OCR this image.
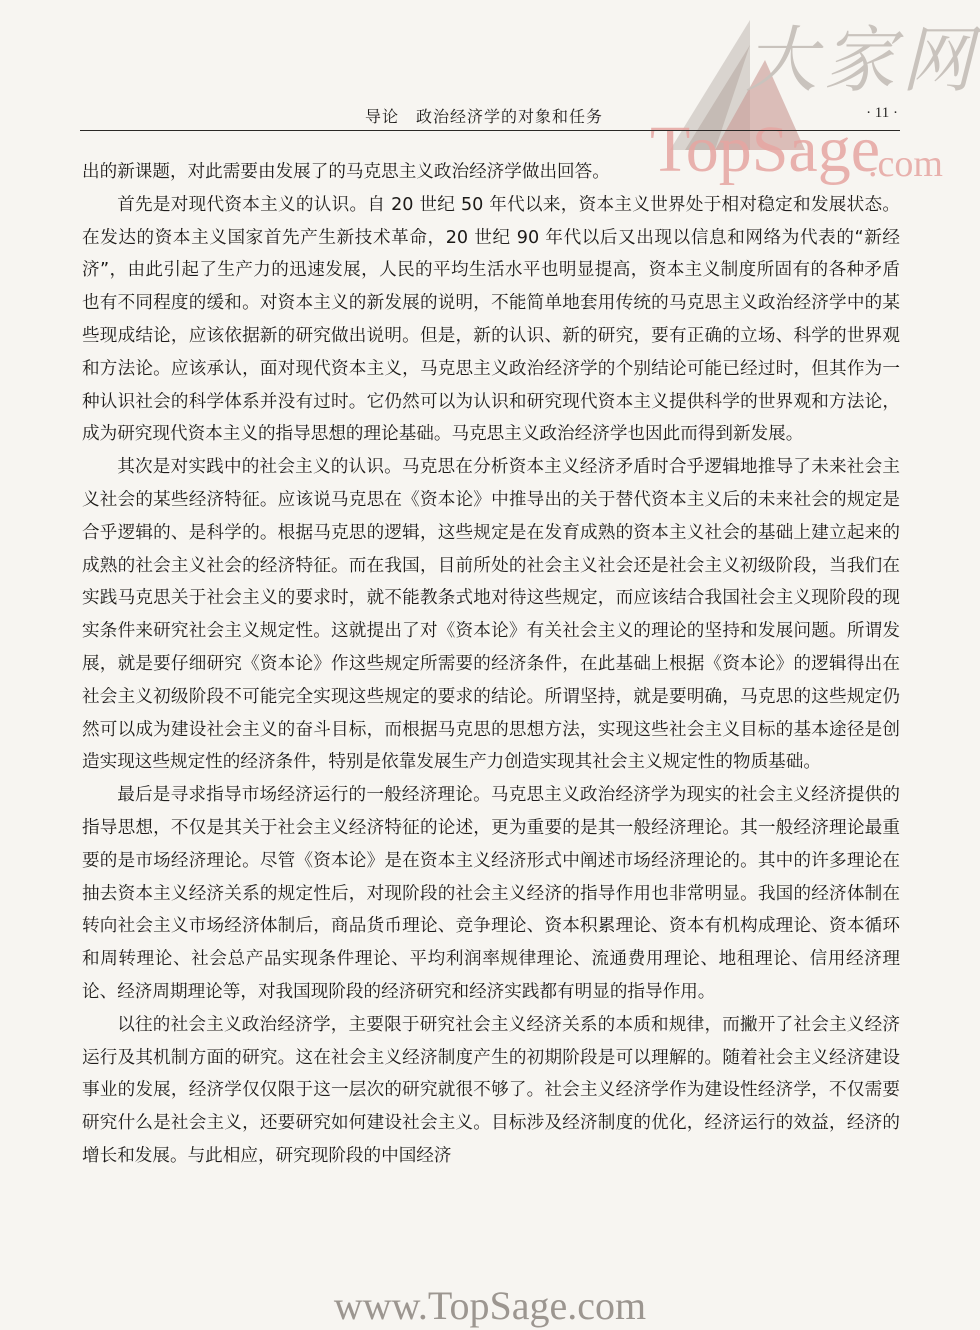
大家网
TopSage
.com
导论　政治经济学的对象和任务	· 11 ·

出的新课题，对此需要由发展了的马克思主义政治经济学做出回答。

首先是对现代资本主义的认识。自 20 世纪 50 年代以来，资本主义世界处于相对稳定和发展状态。在发达的资本主义国家首先产生新技术革命，20 世纪 90 年代以后又出现以信息和网络为代表的“新经济”，由此引起了生产力的迅速发展，人民的平均生活水平也明显提高，资本主义制度所固有的各种矛盾也有不同程度的缓和。对资本主义的新发展的说明，不能简单地套用传统的马克思主义政治经济学中的某些现成结论，应该依据新的研究做出说明。但是，新的认识、新的研究，要有正确的立场、科学的世界观和方法论。应该承认，面对现代资本主义，马克思主义政治经济学的个别结论可能已经过时，但其作为一种认识社会的科学体系并没有过时。它仍然可以为认识和研究现代资本主义提供科学的世界观和方法论，成为研究现代资本主义的指导思想的理论基础。马克思主义政治经济学也因此而得到新发展。

其次是对实践中的社会主义的认识。马克思在分析资本主义经济矛盾时合乎逻辑地推导了未来社会主义社会的某些经济特征。应该说马克思在《资本论》中推导出的关于替代资本主义后的未来社会的规定是合乎逻辑的、是科学的。根据马克思的逻辑，这些规定是在发育成熟的资本主义社会的基础上建立起来的成熟的社会主义社会的经济特征。而在我国，目前所处的社会主义社会还是社会主义初级阶段，当我们在实践马克思关于社会主义的要求时，就不能教条式地对待这些规定，而应该结合我国社会主义现阶段的现实条件来研究社会主义规定性。这就提出了对《资本论》有关社会主义的理论的坚持和发展问题。所谓发展，就是要仔细研究《资本论》作这些规定所需要的经济条件，在此基础上根据《资本论》的逻辑得出在社会主义初级阶段不可能完全实现这些规定的要求的结论。所谓坚持，就是要明确，马克思的这些规定仍然可以成为建设社会主义的奋斗目标，而根据马克思的思想方法，实现这些社会主义目标的基本途径是创造实现这些规定性的经济条件，特别是依靠发展生产力创造实现其社会主义规定性的物质基础。

最后是寻求指导市场经济运行的一般经济理论。马克思主义政治经济学为现实的社会主义经济提供的指导思想，不仅是其关于社会主义经济特征的论述，更为重要的是其一般经济理论。其一般经济理论最重要的是市场经济理论。尽管《资本论》是在资本主义经济形式中阐述市场经济理论的。其中的许多理论在抽去资本主义经济关系的规定性后，对现阶段的社会主义经济的指导作用也非常明显。我国的经济体制在转向社会主义市场经济体制后，商品货币理论、竞争理论、资本积累理论、资本有机构成理论、资本循环和周转理论、社会总产品实现条件理论、平均利润率规律理论、流通费用理论、地租理论、信用经济理论、经济周期理论等，对我国现阶段的经济研究和经济实践都有明显的指导作用。

以往的社会主义政治经济学，主要限于研究社会主义经济关系的本质和规律，而撇开了社会主义经济运行及其机制方面的研究。这在社会主义经济制度产生的初期阶段是可以理解的。随着社会主义经济建设事业的发展，经济学仅仅限于这一层次的研究就很不够了。社会主义经济学作为建设性经济学，不仅需要研究什么是社会主义，还要研究如何建设社会主义。目标涉及经济制度的优化，经济运行的效益，经济的增长和发展。与此相应，研究现阶段的中国经济

www.TopSage.com
